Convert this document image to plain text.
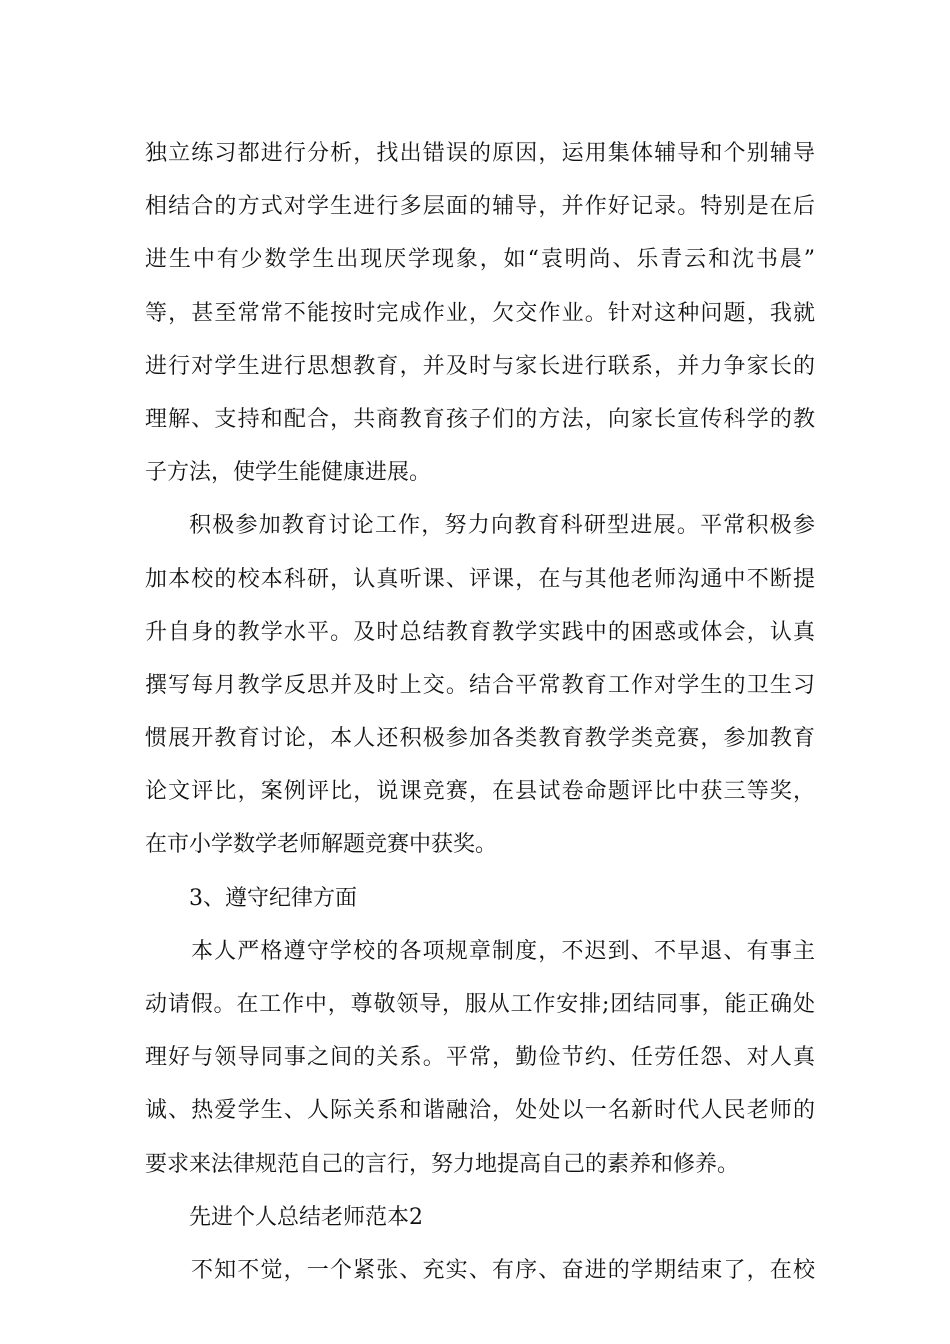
独立练习都进行分析，找出错误的原因，运用集体辅导和个别辅导
相结合的方式对学生进行多层面的辅导，并作好记录。特别是在后
进生中有少数学生出现厌学现象，如“袁明尚、乐青云和沈书晨”
等，甚至常常不能按时完成作业，欠交作业。针对这种问题，我就
进行对学生进行思想教育，并及时与家长进行联系，并力争家长的
理解、支持和配合，共商教育孩子们的方法，向家长宣传科学的教
子方法，使学生能健康进展。
积极参加教育讨论工作，努力向教育科研型进展。平常积极参
加本校的校本科研，认真听课、评课，在与其他老师沟通中不断提
升自身的教学水平。及时总结教育教学实践中的困惑或体会，认真
撰写每月教学反思并及时上交。结合平常教育工作对学生的卫生习
惯展开教育讨论，本人还积极参加各类教育教学类竞赛，参加教育
论文评比，案例评比，说课竞赛，在县试卷命题评比中获三等奖，
在市小学数学老师解题竞赛中获奖。
3、遵守纪律方面
本人严格遵守学校的各项规章制度，不迟到、不早退、有事主
动请假。在工作中，尊敬领导，服从工作安排;团结同事，能正确处
理好与领导同事之间的关系。平常，勤俭节约、任劳任怨、对人真
诚、热爱学生、人际关系和谐融洽，处处以一名新时代人民老师的
要求来法律规范自己的言行，努力地提高自己的素养和修养。
先进个人总结老师范本2
不知不觉，一个紧张、充实、有序、奋进的学期结束了，在校
